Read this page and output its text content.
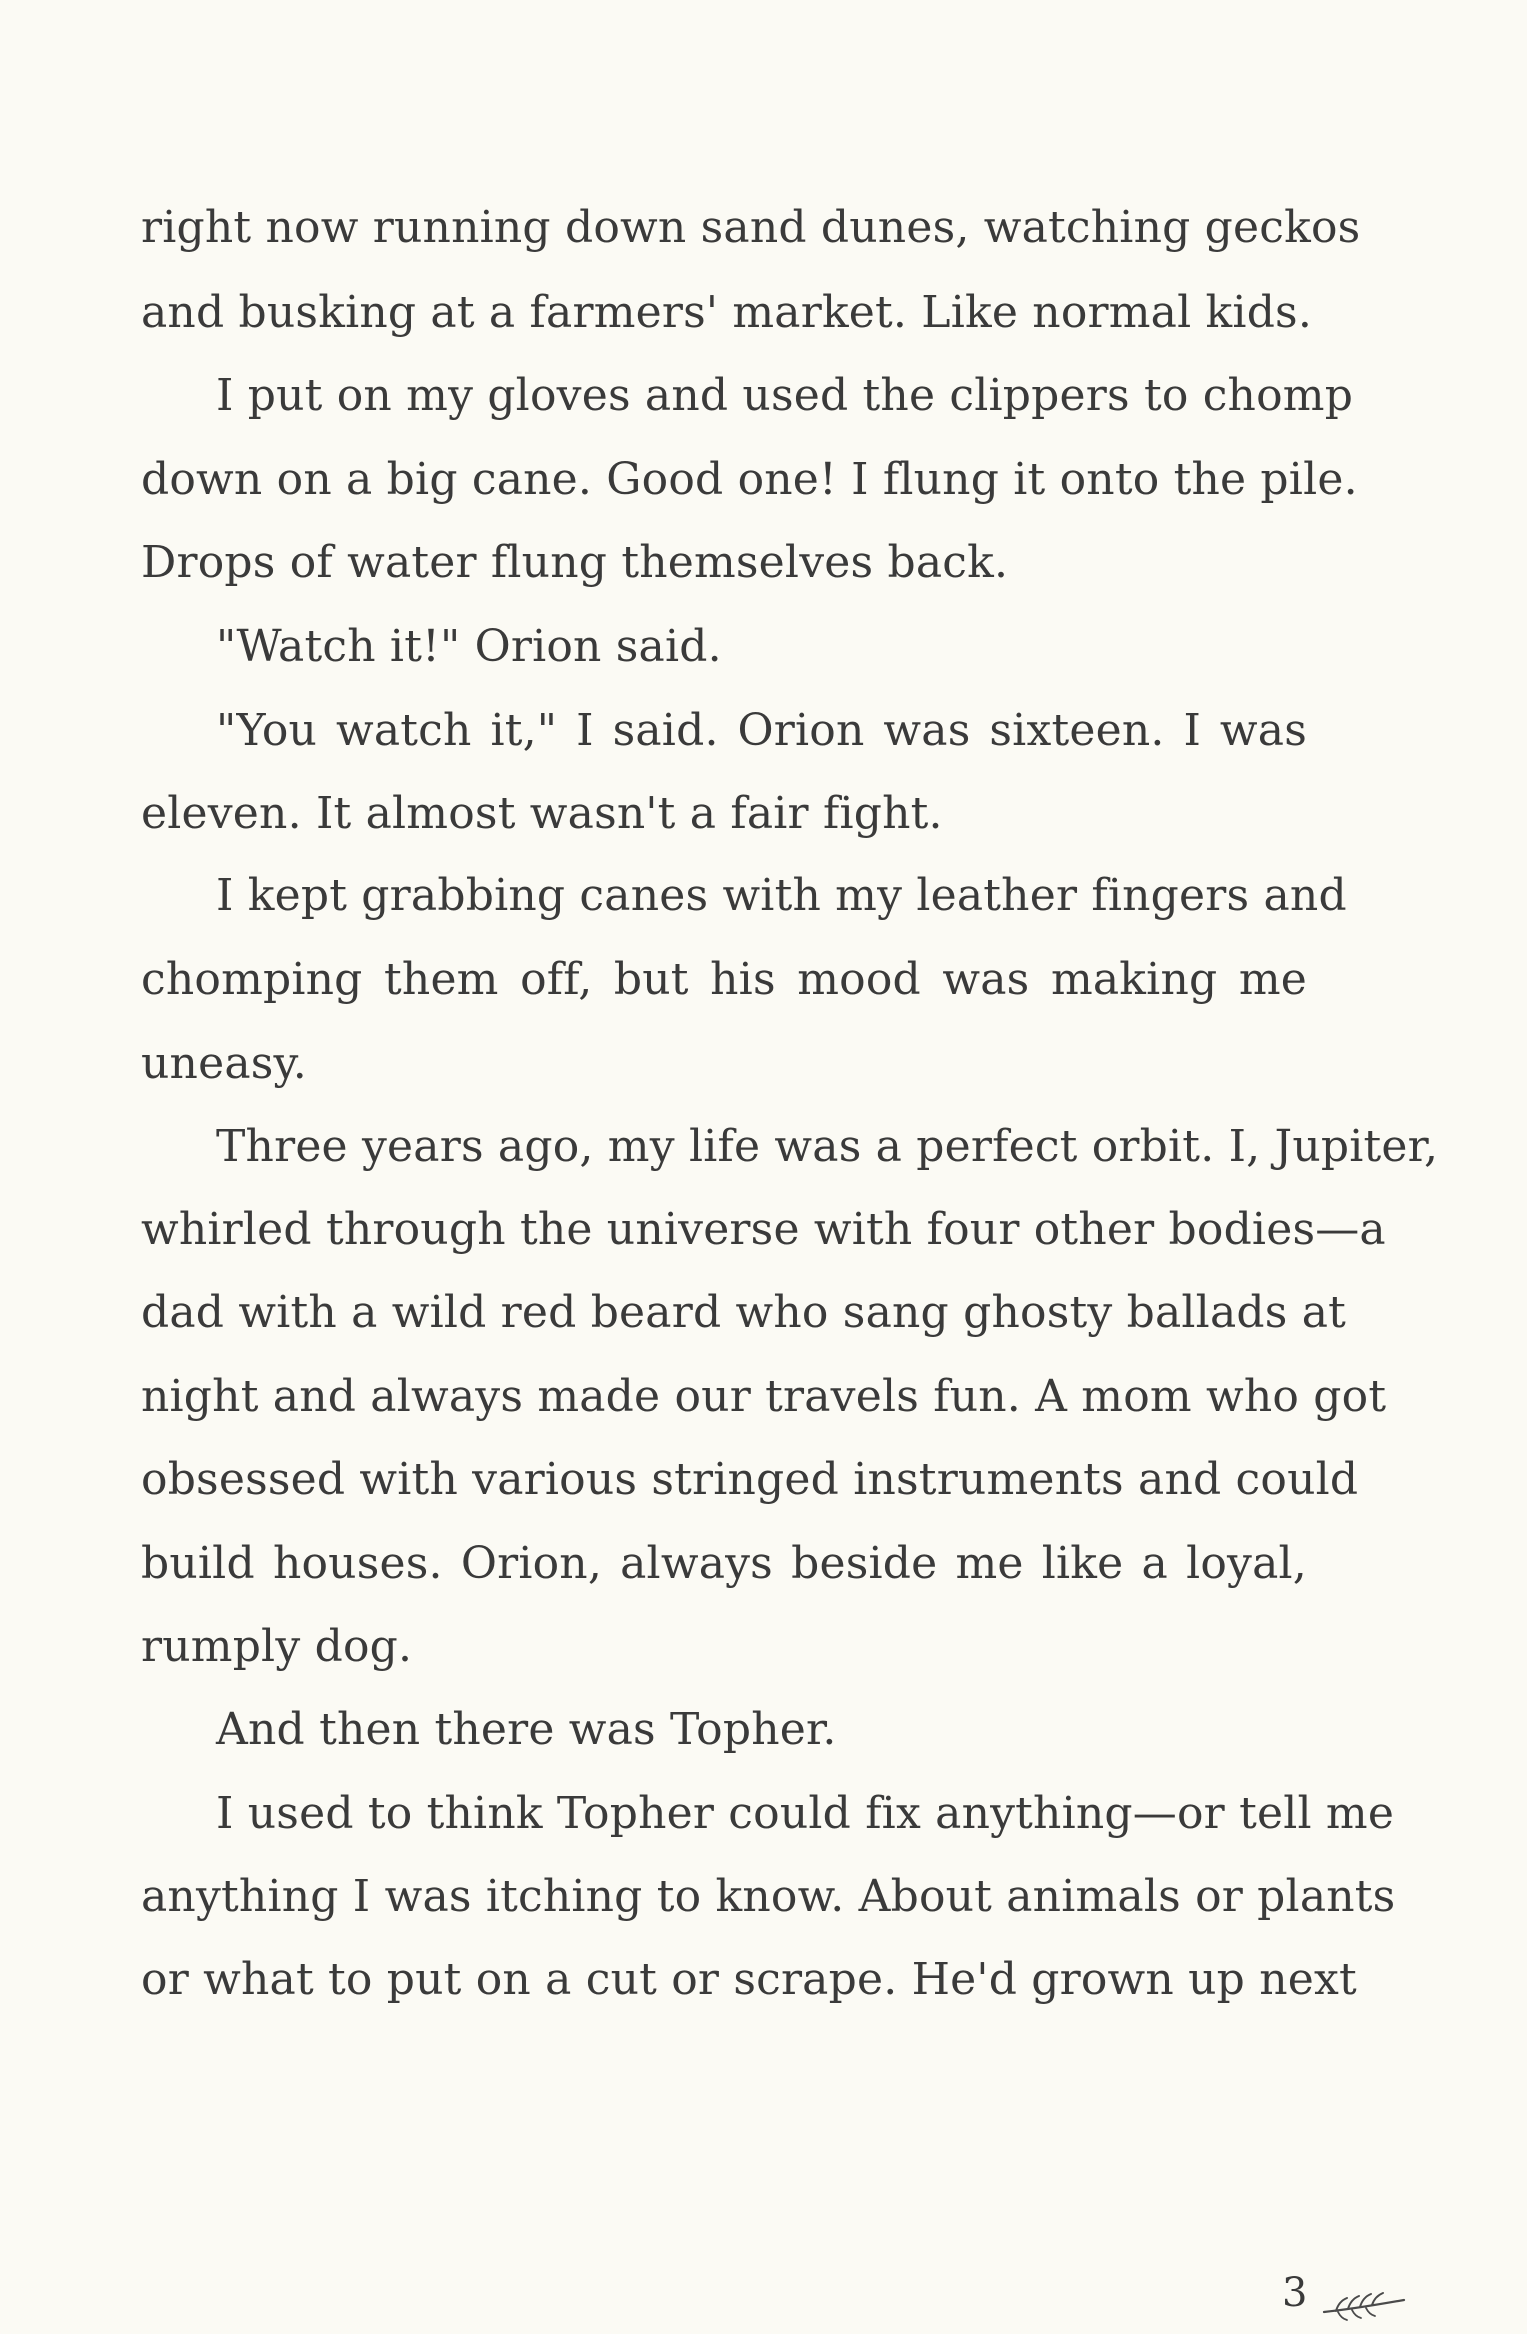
right now running down sand dunes, watching geckos
and busking at a farmers' market. Like normal kids.
I put on my gloves and used the clippers to chomp
down on a big cane. Good one! I flung it onto the pile.
Drops of water flung themselves back.
"Watch it!" Orion said.
"You watch it," I said. Orion was sixteen. I was
eleven. It almost wasn't a fair fight.
I kept grabbing canes with my leather fingers and
chomping them off, but his mood was making me
uneasy.
Three years ago, my life was a perfect orbit. I, Jupiter,
whirled through the universe with four other bodies—a
dad with a wild red beard who sang ghosty ballads at
night and always made our travels fun. A mom who got
obsessed with various stringed instruments and could
build houses. Orion, always beside me like a loyal,
rumply dog.
And then there was Topher.
I used to think Topher could fix anything—or tell me
anything I was itching to know. About animals or plants
or what to put on a cut or scrape. He'd grown up next
3
